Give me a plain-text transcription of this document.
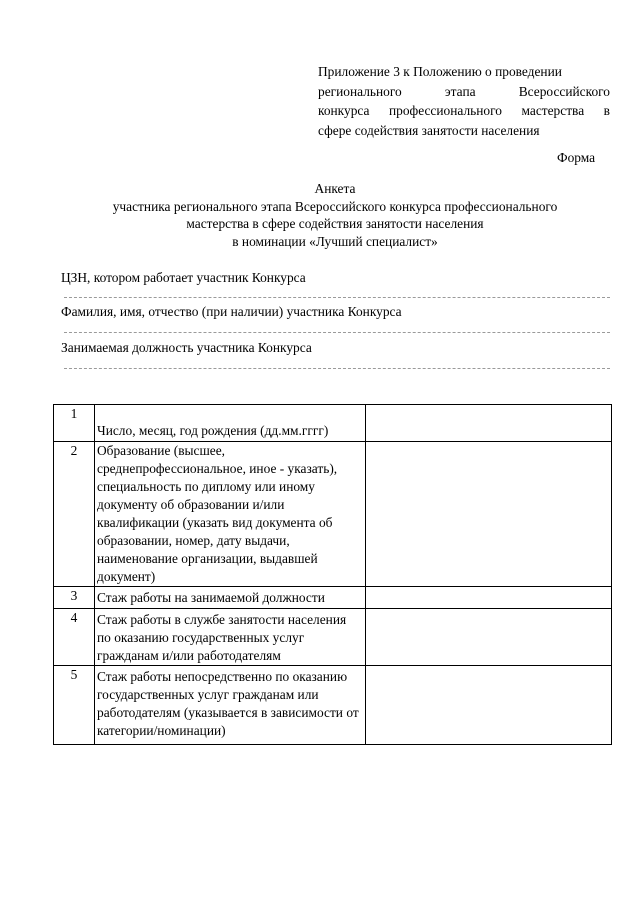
Приложение 3 к Положению о проведении
регионального этапа Всероссийского
конкурса профессионального мастерства в
сфере содействия занятости населения
Форма
Анкета
участника регионального этапа Всероссийского конкурса профессионального
мастерства в сфере содействия занятости населения
в номинации «Лучший специалист»
ЦЗН, котором работает участник Конкурса
Фамилия, имя, отчество (при наличии) участника Конкурса
Занимаемая должность участника Конкурса
1	Число, месяц, год рождения (дд.мм.гггг)	
2	Образование (высшее, среднепрофессиональное, иное - указать), специальность по диплому или иному документу об образовании и/или квалификации (указать вид документа об образовании, номер, дату выдачи, наименование организации, выдавшей документ)	
3	Стаж работы на занимаемой должности	
4	Стаж работы в службе занятости населения по оказанию государственных услуг гражданам и/или работодателям	
5	Стаж работы непосредственно по оказанию государственных услуг гражданам или работодателям (указывается в зависимости от категории/номинации)	
